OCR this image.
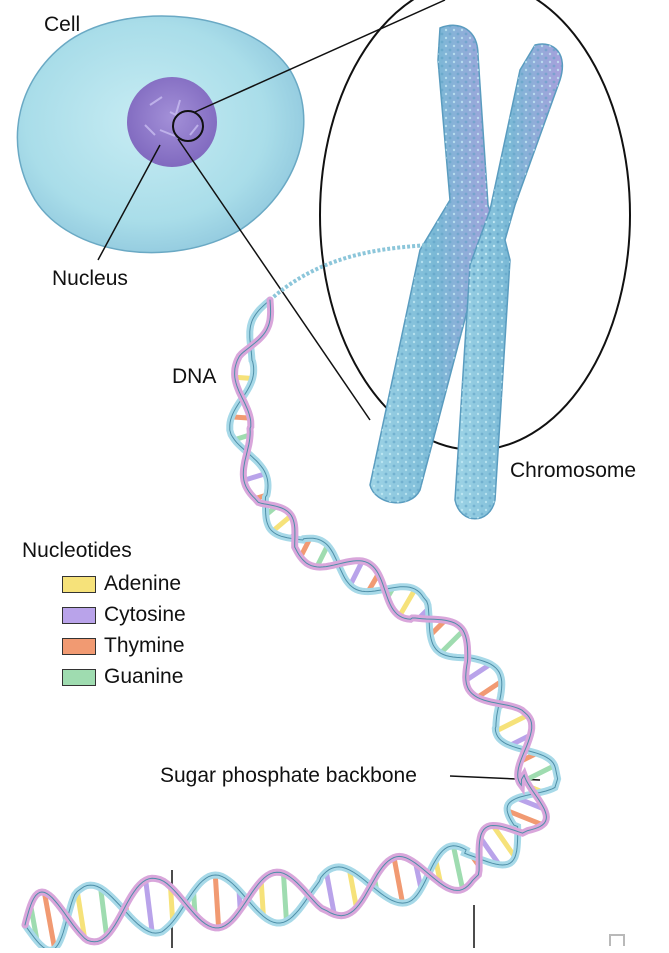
Cell
Nucleus
DNA
Chromosome
Sugar phosphate backbone
Nucleotides
Adenine
Cytosine
Thymine
Guanine
